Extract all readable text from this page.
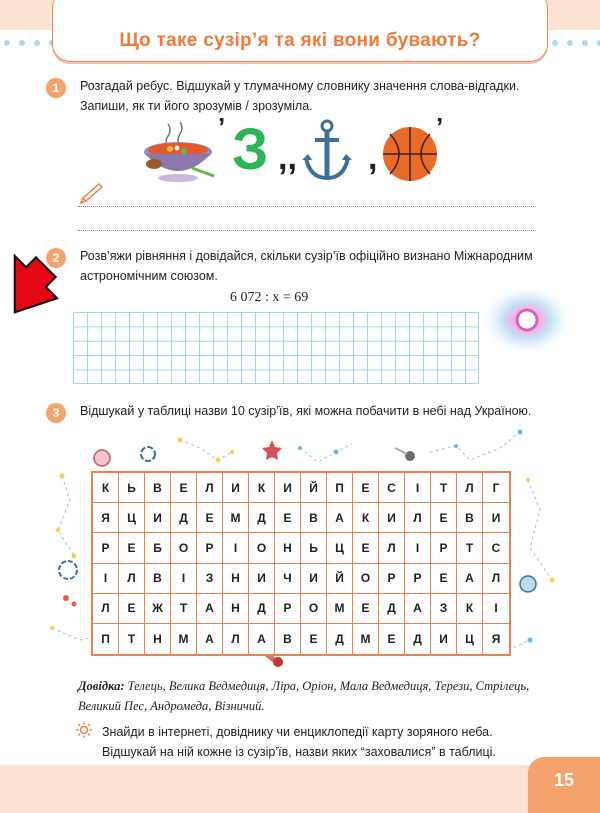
Що таке сузір’я та які вони бувають?
1	Розгадай ребус. Відшукай у тлумачному словнику значення слова-відгадки. Запиши, як ти його зрозумів / зрозуміла.
’ З ,, ,
’
2	Розв’яжи рівняння і довідайся, скільки сузір’їв офіційно визнано Міжнародним астрономічним союзом.
6 072 : x = 69
3	Відшукай у таблиці назви 10 сузір’їв, які можна побачити в небі над Україною.
К	Ь	В	Е	Л	И	К	И	Й	П	Е	С	І	Т	Л	Г
Я	Ц	И	Д	Е	М	Д	Е	В	А	К	И	Л	Е	В	И
Р	Е	Б	О	Р	І	О	Н	Ь	Ц	Е	Л	І	Р	Т	С
І	Л	В	І	З	Н	И	Ч	И	Й	О	Р	Р	Е	А	Л
Л	Е	Ж	Т	А	Н	Д	Р	О	М	Е	Д	А	З	К	І
П	Т	Н	М	А	Л	А	В	Е	Д	М	Е	Д	И	Ц	Я
Довідка: Телець, Велика Ведмедиця, Ліра, Оріон, Мала Ведмедиця, Терези, Стрілець, Великий Пес, Андромеда, Візничий.
Знайди в інтернеті, довіднику чи енциклопедії карту зоряного неба. Відшукай на ній кожне із сузір’їв, назви яких “заховалися” в таблиці.
15
